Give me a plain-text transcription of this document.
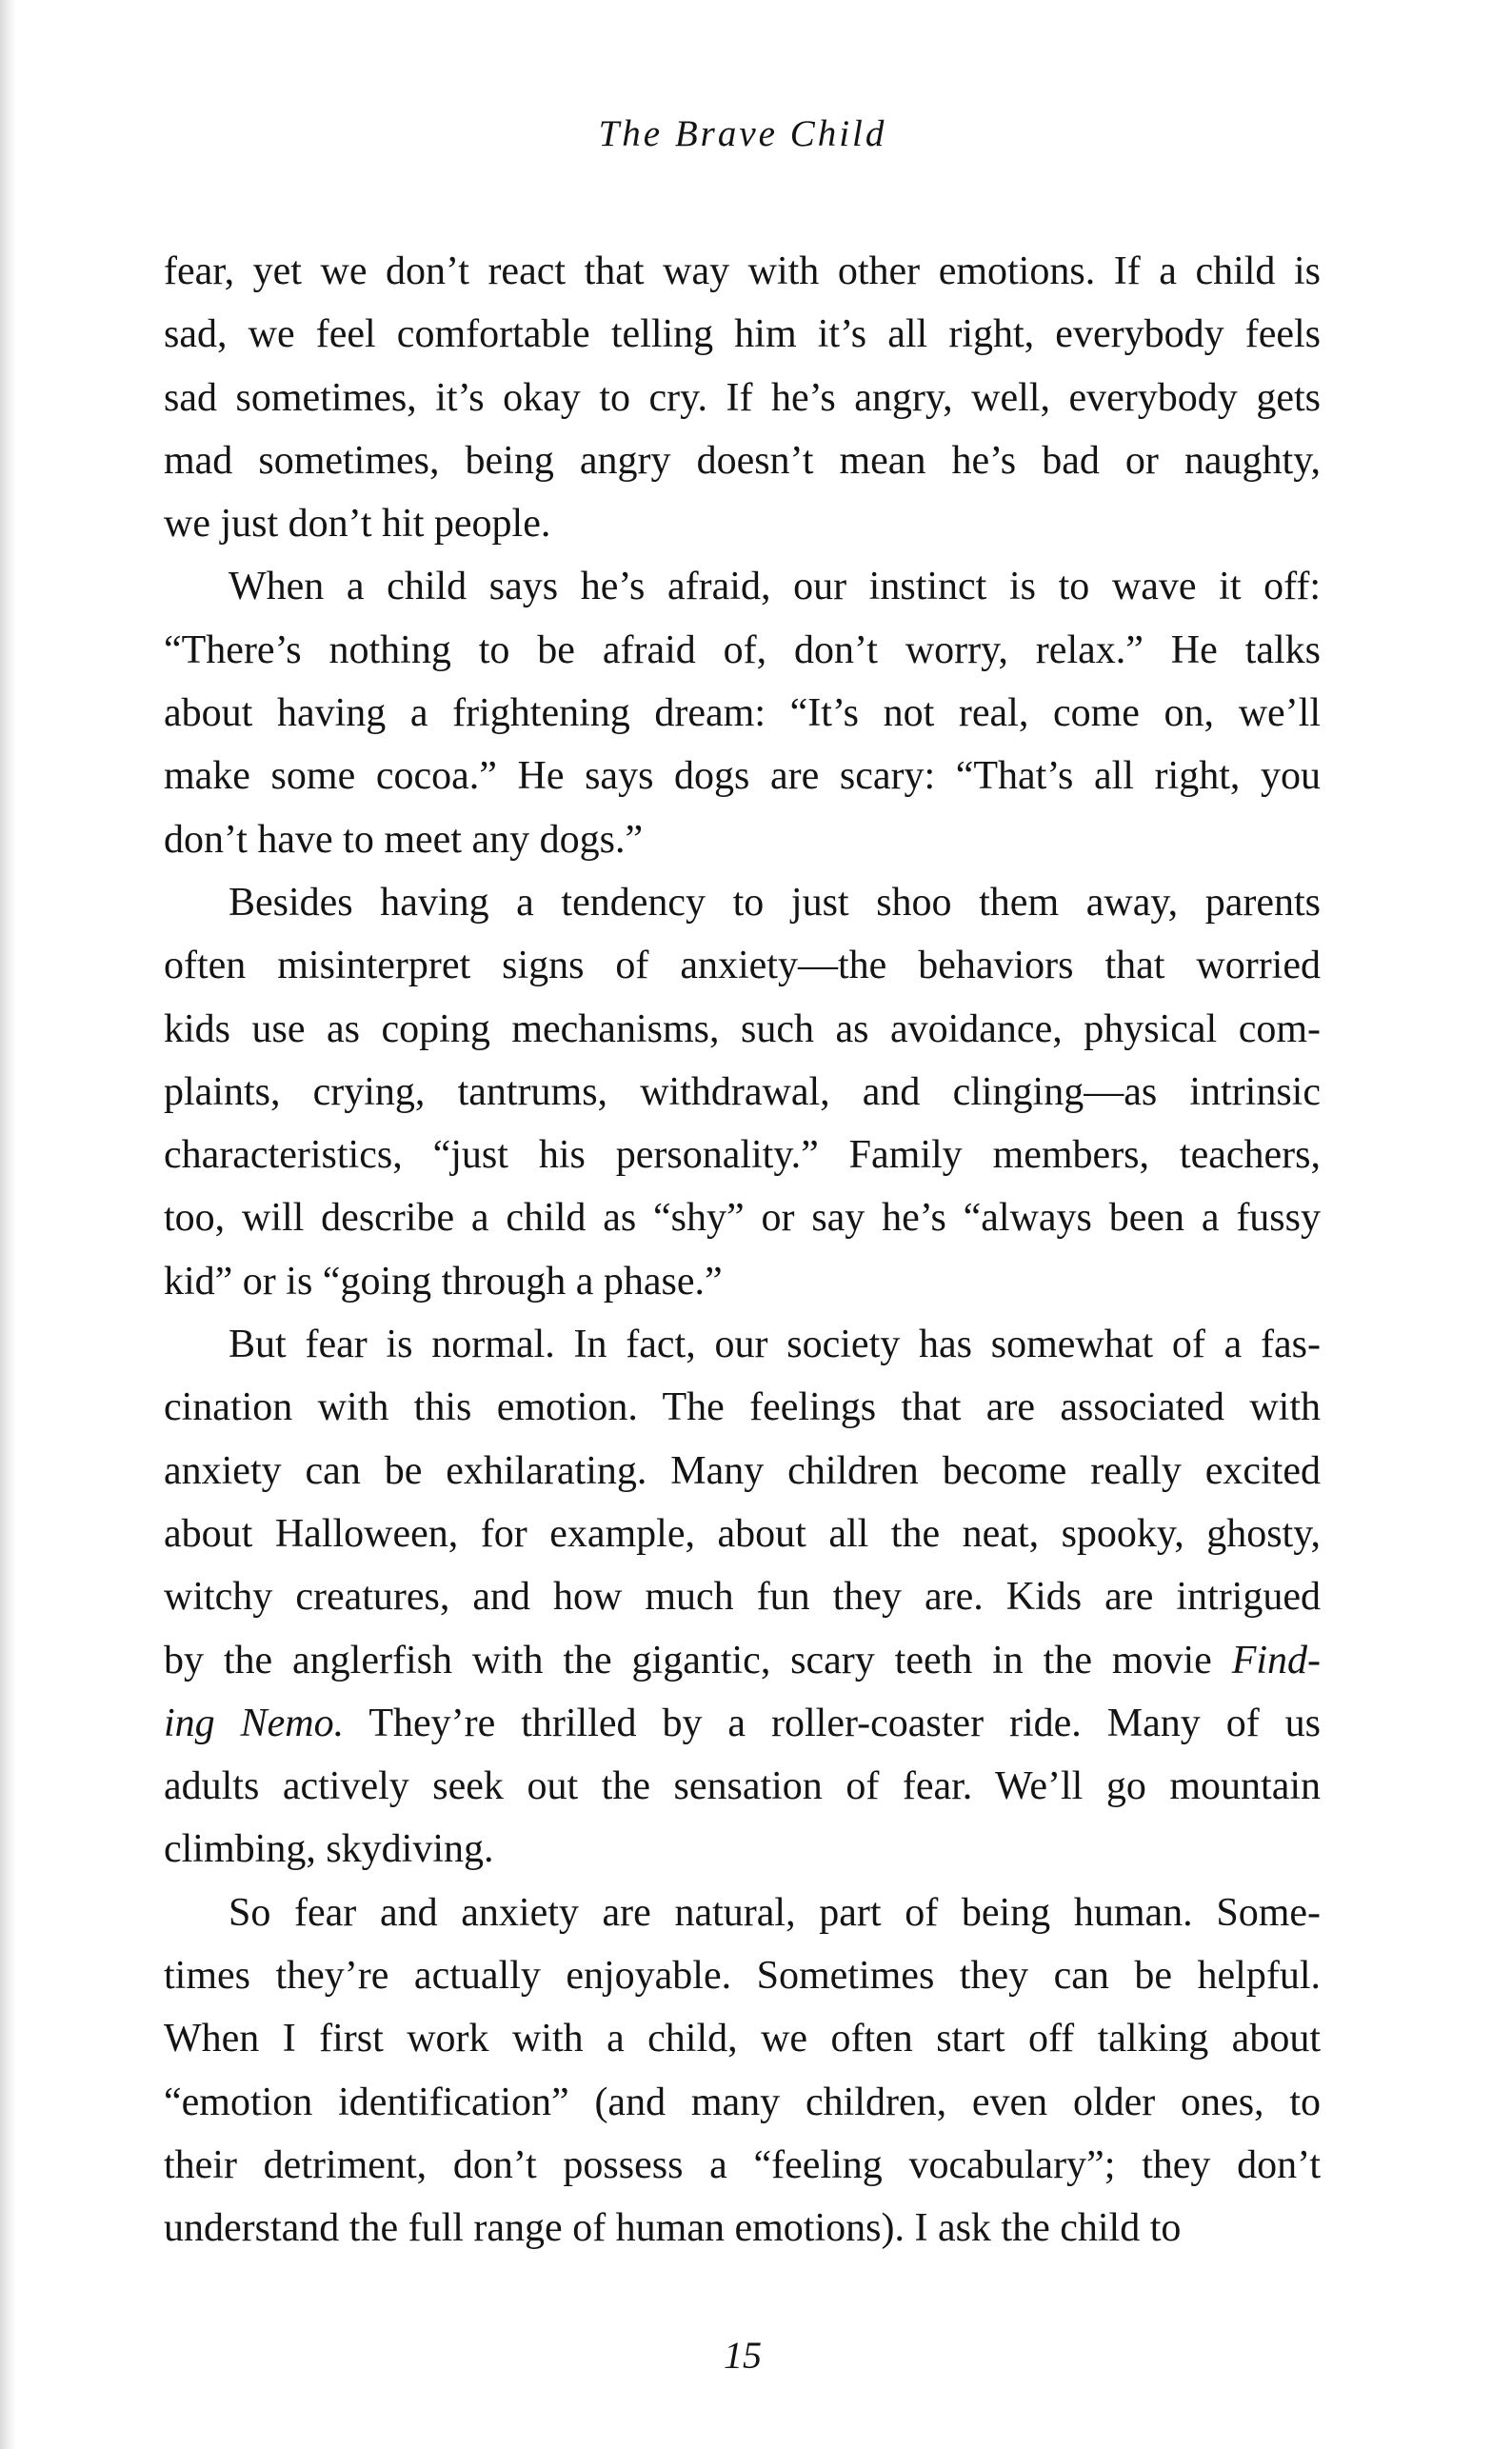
The Brave Child
fear, yet we don’t react that way with other emotions. If a child is
sad, we feel comfortable telling him it’s all right, everybody feels
sad sometimes, it’s okay to cry. If he’s angry, well, everybody gets
mad sometimes, being angry doesn’t mean he’s bad or naughty,
we just don’t hit people.
When a child says he’s afraid, our instinct is to wave it off:
“There’s nothing to be afraid of, don’t worry, relax.” He talks
about having a frightening dream: “It’s not real, come on, we’ll
make some cocoa.” He says dogs are scary: “That’s all right, you
don’t have to meet any dogs.”
Besides having a tendency to just shoo them away, parents
often misinterpret signs of anxiety—the behaviors that worried
kids use as coping mechanisms, such as avoidance, physical com-
plaints, crying, tantrums, withdrawal, and clinging—as intrinsic
characteristics, “just his personality.” Family members, teachers,
too, will describe a child as “shy” or say he’s “always been a fussy
kid” or is “going through a phase.”
But fear is normal. In fact, our society has somewhat of a fas-
cination with this emotion. The feelings that are associated with
anxiety can be exhilarating. Many children become really excited
about Halloween, for example, about all the neat, spooky, ghosty,
witchy creatures, and how much fun they are. Kids are intrigued
by the anglerfish with the gigantic, scary teeth in the movie Find-
ing Nemo. They’re thrilled by a roller-coaster ride. Many of us
adults actively seek out the sensation of fear. We’ll go mountain
climbing, skydiving.
So fear and anxiety are natural, part of being human. Some-
times they’re actually enjoyable. Sometimes they can be helpful.
When I first work with a child, we often start off talking about
“emotion identification” (and many children, even older ones, to
their detriment, don’t possess a “feeling vocabulary”; they don’t
understand the full range of human emotions). I ask the child to
15
